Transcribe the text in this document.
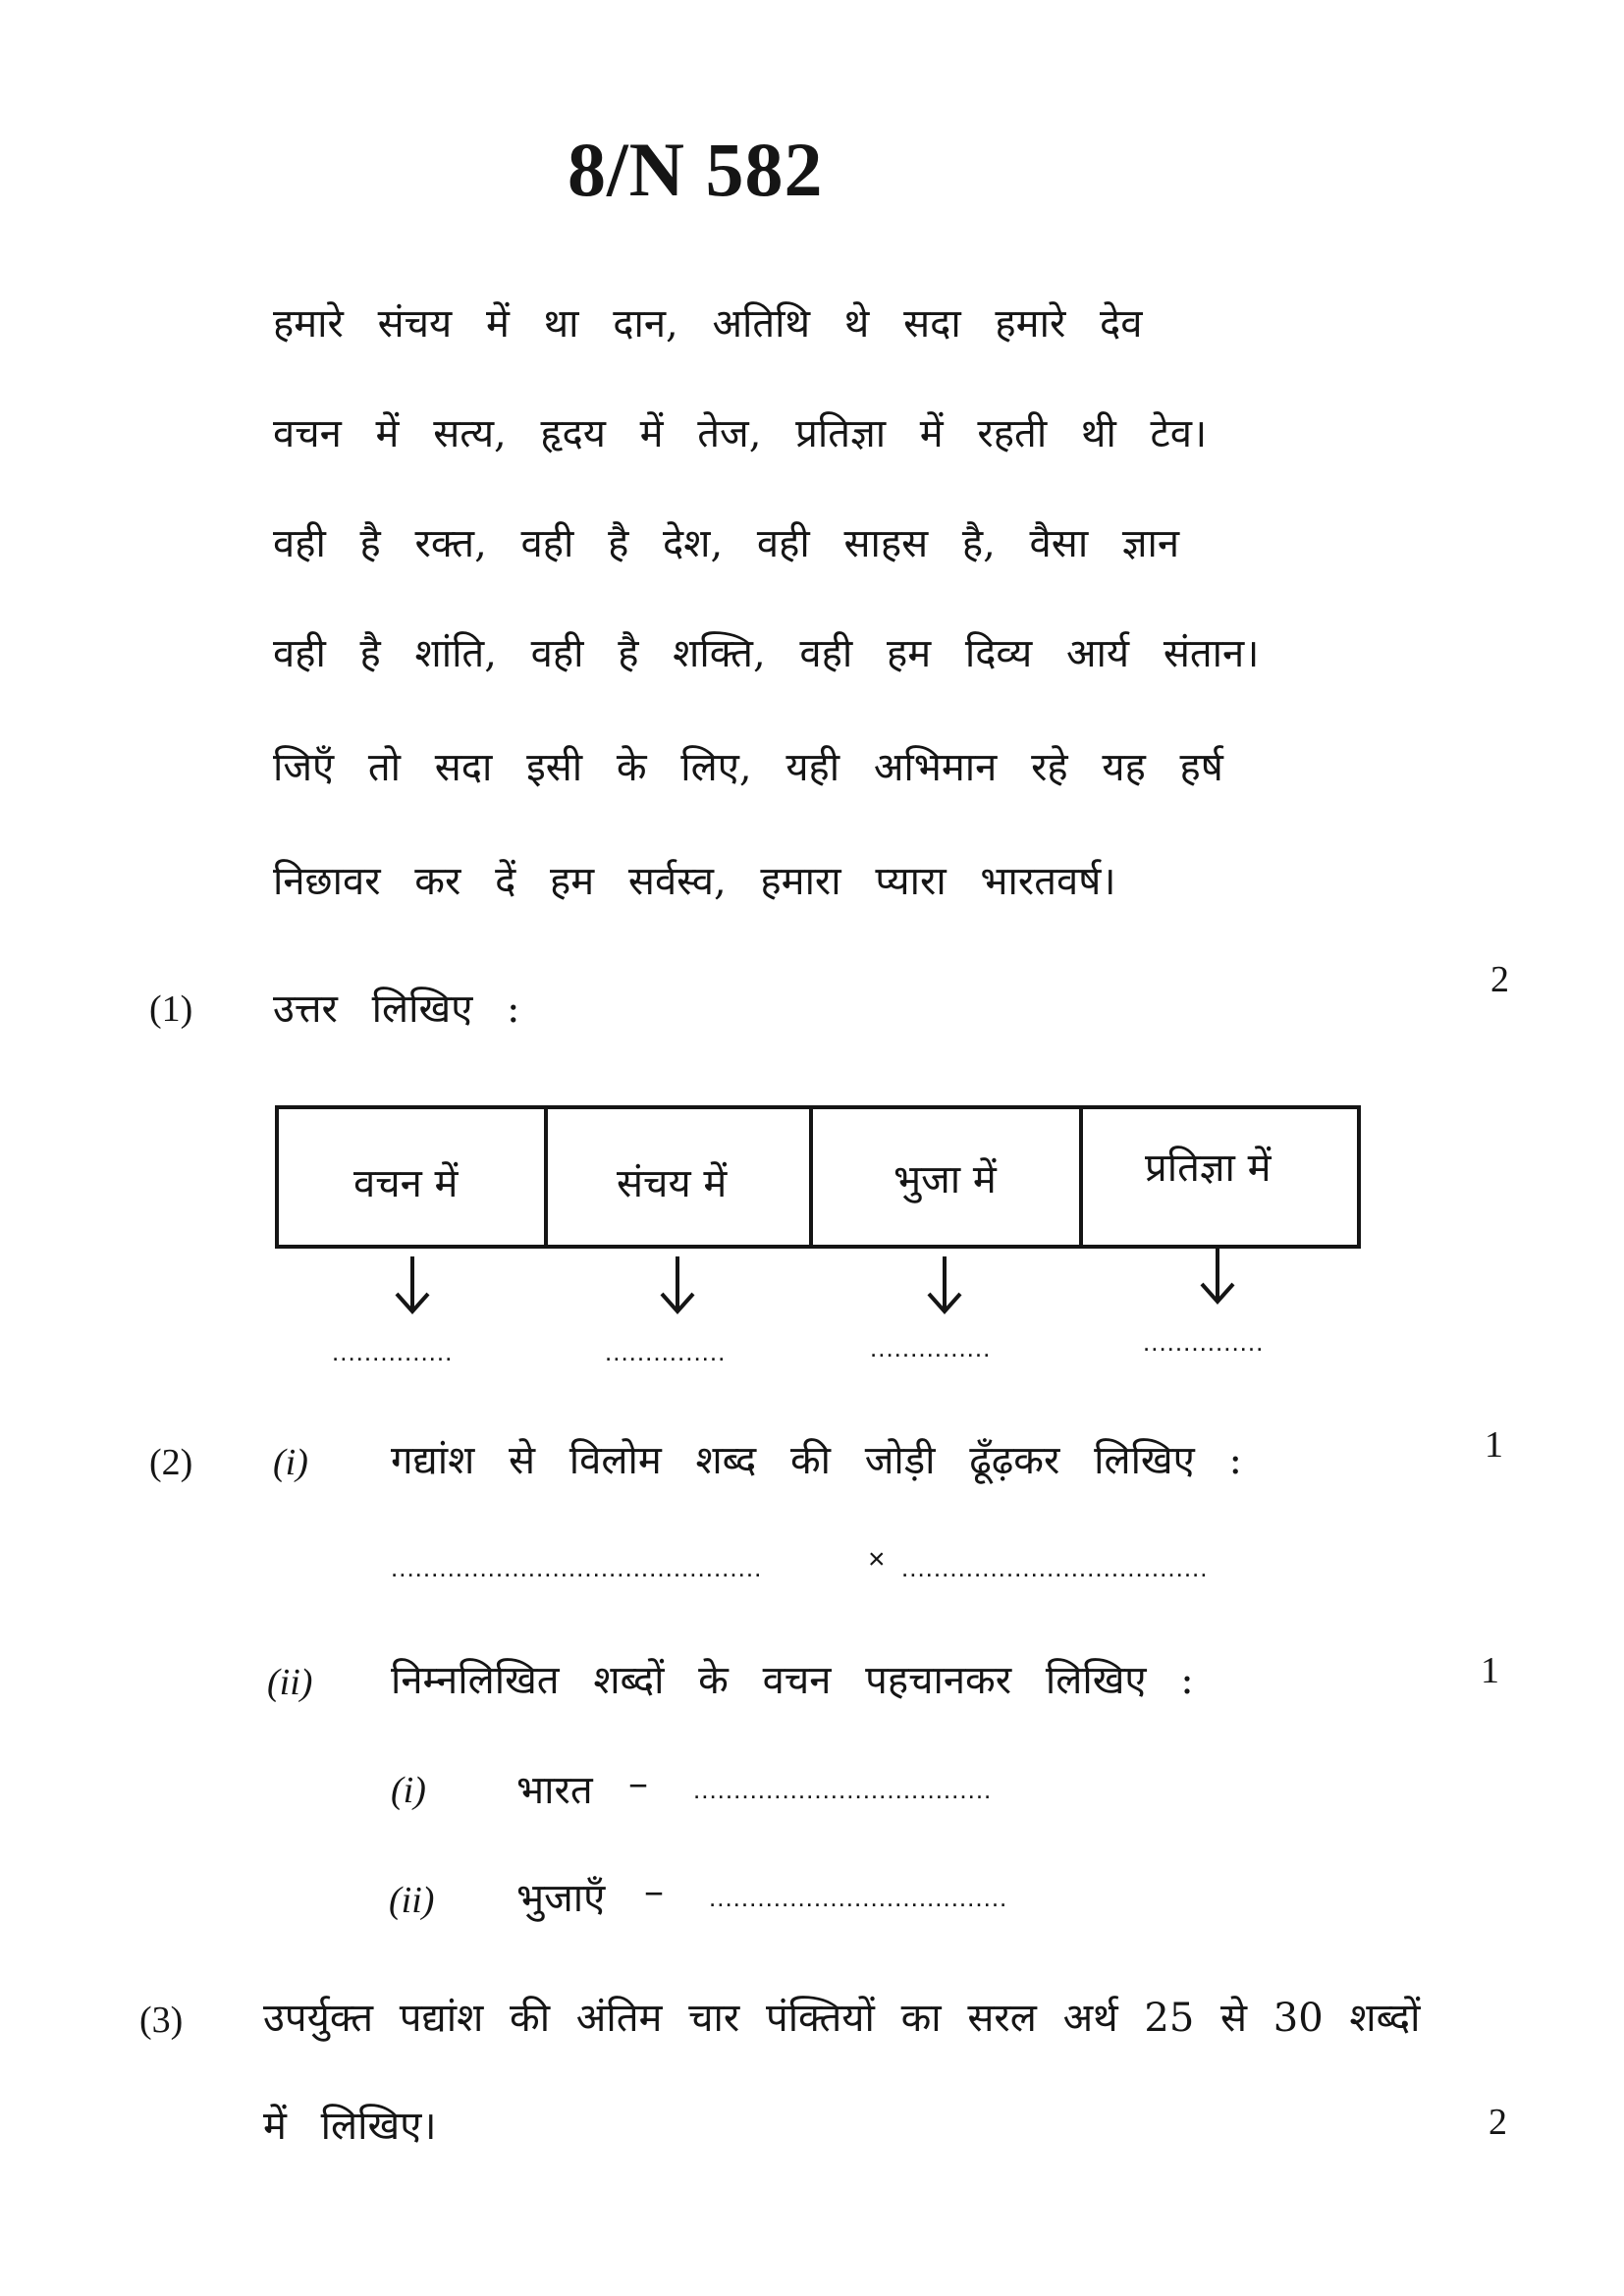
8/N 582
हमारे संचय में था दान, अतिथि थे सदा हमारे देव
वचन में सत्य, हृदय में तेज, प्रतिज्ञा में रहती थी टेव।
वही है रक्त, वही है देश, वही साहस है, वैसा ज्ञान
वही है शांति, वही है शक्ति, वही हम दिव्य आर्य संतान।
जिएँ तो सदा इसी के लिए, यही अभिमान रहे यह हर्ष
निछावर कर दें हम सर्वस्व, हमारा प्यारा भारतवर्ष।
(1) उत्तर लिखिए :
2
वचन में	संचय में	भुजा में	प्रतिज्ञा में
...............	...............	...............	...............
(2) (i) गद्यांश से विलोम शब्द की जोड़ी ढूँढ़कर लिखिए :	1
..............................................	× ......................................
(ii) निम्नलिखित शब्दों के वचन पहचानकर लिखिए :	1
(i) भारत – .....................................
(ii) भुजाएँ – .....................................
(3) उपर्युक्त पद्यांश की अंतिम चार पंक्तियों का सरल अर्थ 25 से 30 शब्दों
में लिखिए।	2
